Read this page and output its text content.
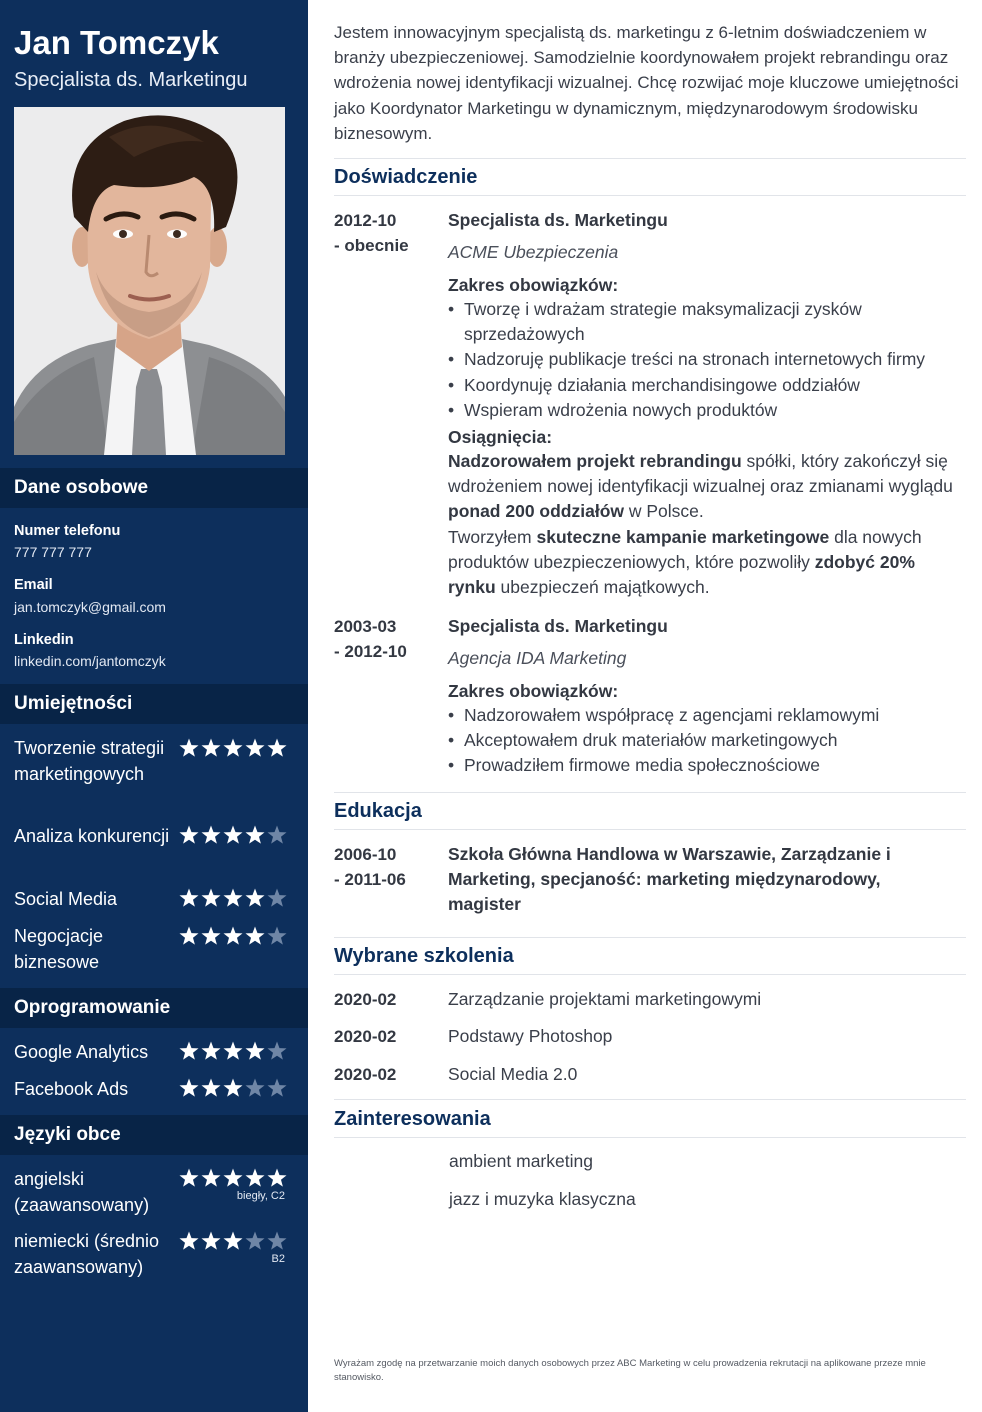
Jan Tomczyk
Specjalista ds. Marketingu
Dane osobowe
Numer telefonu
777 777 777
Email
jan.tomczyk@gmail.com
Linkedin
linkedin.com/jantomczyk
Umiejętności
Tworzenie strategii marketingowych
Analiza konkurencji
Social Media
Negocjacje biznesowe
Oprogramowanie
Google Analytics
Facebook Ads
Języki obce
angielski (zaawansowany)	biegły, C2
niemiecki (średnio zaawansowany)	B2
Jestem innowacyjnym specjalistą ds. marketingu z 6-letnim doświadczeniem w branży ubezpieczeniowej. Samodzielnie koordynowałem projekt rebrandingu oraz wdrożenia nowej identyfikacji wizualnej. Chcę rozwijać moje kluczowe umiejętności jako Koordynator Marketingu w dynamicznym, międzynarodowym środowisku biznesowym.
Doświadczenie
2012-10
- obecnie
Specjalista ds. Marketingu
ACME Ubezpieczenia
Zakres obowiązków:
• Tworzę i wdrażam strategie maksymalizacji zysków sprzedażowych
• Nadzoruję publikacje treści na stronach internetowych firmy
• Koordynuję działania merchandisingowe oddziałów
• Wspieram wdrożenia nowych produktów
Osiągnięcia:
Nadzorowałem projekt rebrandingu spółki, który zakończył się wdrożeniem nowej identyfikacji wizualnej oraz zmianami wyglądu ponad 200 oddziałów w Polsce.
Tworzyłem skuteczne kampanie marketingowe dla nowych produktów ubezpieczeniowych, które pozwoliły zdobyć 20% rynku ubezpieczeń majątkowych.
2003-03
- 2012-10
Specjalista ds. Marketingu
Agencja IDA Marketing
Zakres obowiązków:
• Nadzorowałem współpracę z agencjami reklamowymi
• Akceptowałem druk materiałów marketingowych
• Prowadziłem firmowe media społecznościowe
Edukacja
2006-10
- 2011-06
Szkoła Główna Handlowa w Warszawie, Zarządzanie i Marketing, specjaność: marketing międzynarodowy, magister
Wybrane szkolenia
2020-02	Zarządzanie projektami marketingowymi
2020-02	Podstawy Photoshop
2020-02	Social Media 2.0
Zainteresowania
ambient marketing
jazz i muzyka klasyczna
Wyrażam zgodę na przetwarzanie moich danych osobowych przez ABC Marketing w celu prowadzenia rekrutacji na aplikowane przeze mnie stanowisko.
